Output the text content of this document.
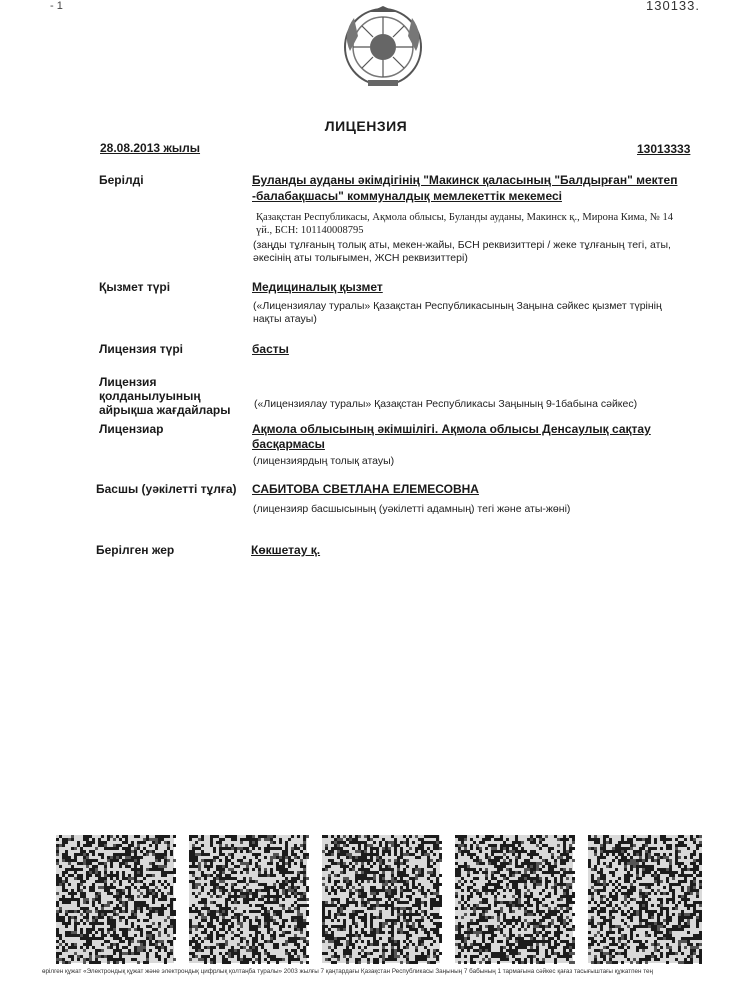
- 1	130133.
ЛИЦЕНЗИЯ
28.08.2013 жылы	13013333
Берілді	Буланды ауданы әкімдігінің "Макинск қаласының "Балдырған" мектеп
-балабақшасы" коммуналдық мемлекеттік мекемесі
Қазақстан Республикасы, Ақмола облысы, Буланды ауданы, Макинск қ., Мирона Кима, № 14
үй., БСН: 101140008795
(заңды тұлғаның толық аты, мекен-жайы, БСН реквизиттері / жеке тұлғаның тегі, аты,
әкесінің аты толығымен, ЖСН реквизиттері)
Қызмет түрі	Медициналық қызмет
(«Лицензиялау туралы» Қазақстан Республикасының Заңына сәйкес қызмет түрінің
нақты атауы)
Лицензия түрі	басты
Лицензия
қолданылуының
айрықша жағдайлары («Лицензиялау туралы» Қазақстан Республикасы Заңының 9-1бабына сәйкес)
Лицензиар	Ақмола облысының әкімшілігі. Ақмола облысы Денсаулық сақтау
басқармасы
(лицензиярдың толық атауы)
Басшы (уәкілетті тұлға) САБИТОВА СВЕТЛАНА ЕЛЕМЕСОВНА
(лицензияр басшысының (уәкілетті адамның) тегі және аты-жөні)
Берілген жер	Көкшетау қ.
өрілген құжат «Электрондық құжат және электрондық цифрлық қолтаңба туралы» 2003 жылғы 7 қаңтардағы Қазақстан Республикасы Заңының 7 бабының 1 тармағына сәйкес қағаз тасығыштағы құжатпен тең
